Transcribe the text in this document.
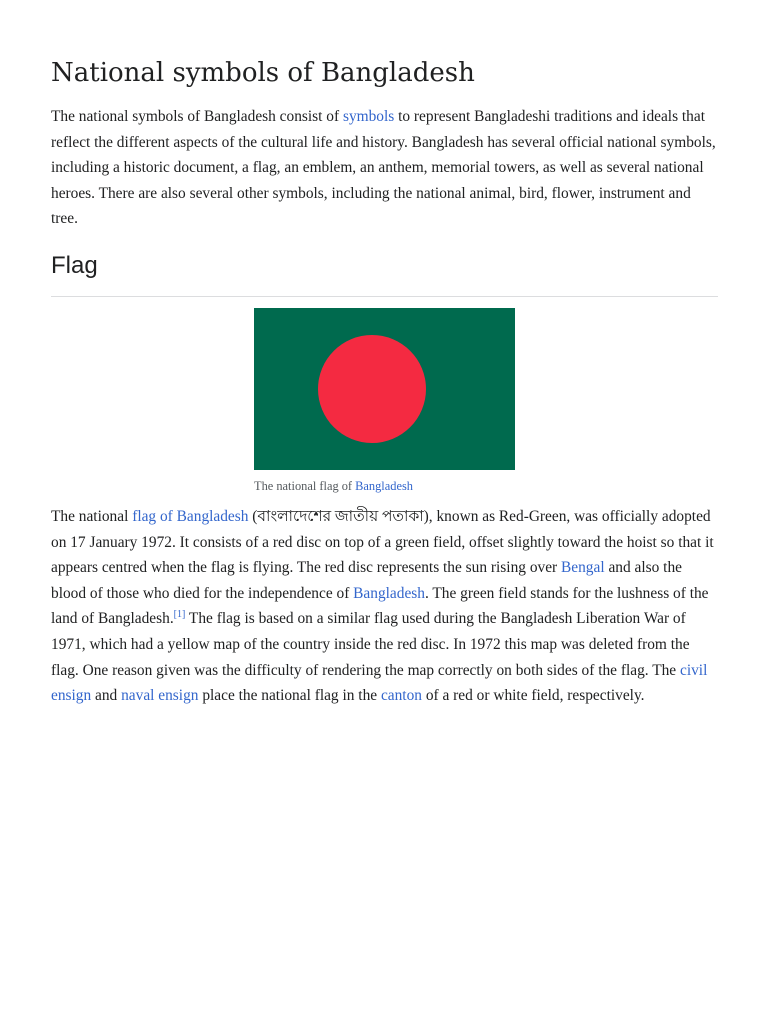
National symbols of Bangladesh

The national symbols of Bangladesh consist of symbols to represent Bangladeshi traditions and ideals that reflect the different aspects of the cultural life and history. Bangladesh has several official national symbols, including a historic document, a flag, an emblem, an anthem, memorial towers, as well as several national heroes. There are also several other symbols, including the national animal, bird, flower, instrument and tree.

Flag
The national flag of Bangladesh

The national flag of Bangladesh (বাংলাদেশের জাতীয় পতাকা), known as Red-Green, was officially adopted on 17 January 1972. It consists of a red disc on top of a green field, offset slightly toward the hoist so that it appears centred when the flag is flying. The red disc represents the sun rising over Bengal and also the blood of those who died for the independence of Bangladesh. The green field stands for the lushness of the land of Bangladesh.[1] The flag is based on a similar flag used during the Bangladesh Liberation War of 1971, which had a yellow map of the country inside the red disc. In 1972 this map was deleted from the flag. One reason given was the difficulty of rendering the map correctly on both sides of the flag. The civil ensign and naval ensign place the national flag in the canton of a red or white field, respectively.
